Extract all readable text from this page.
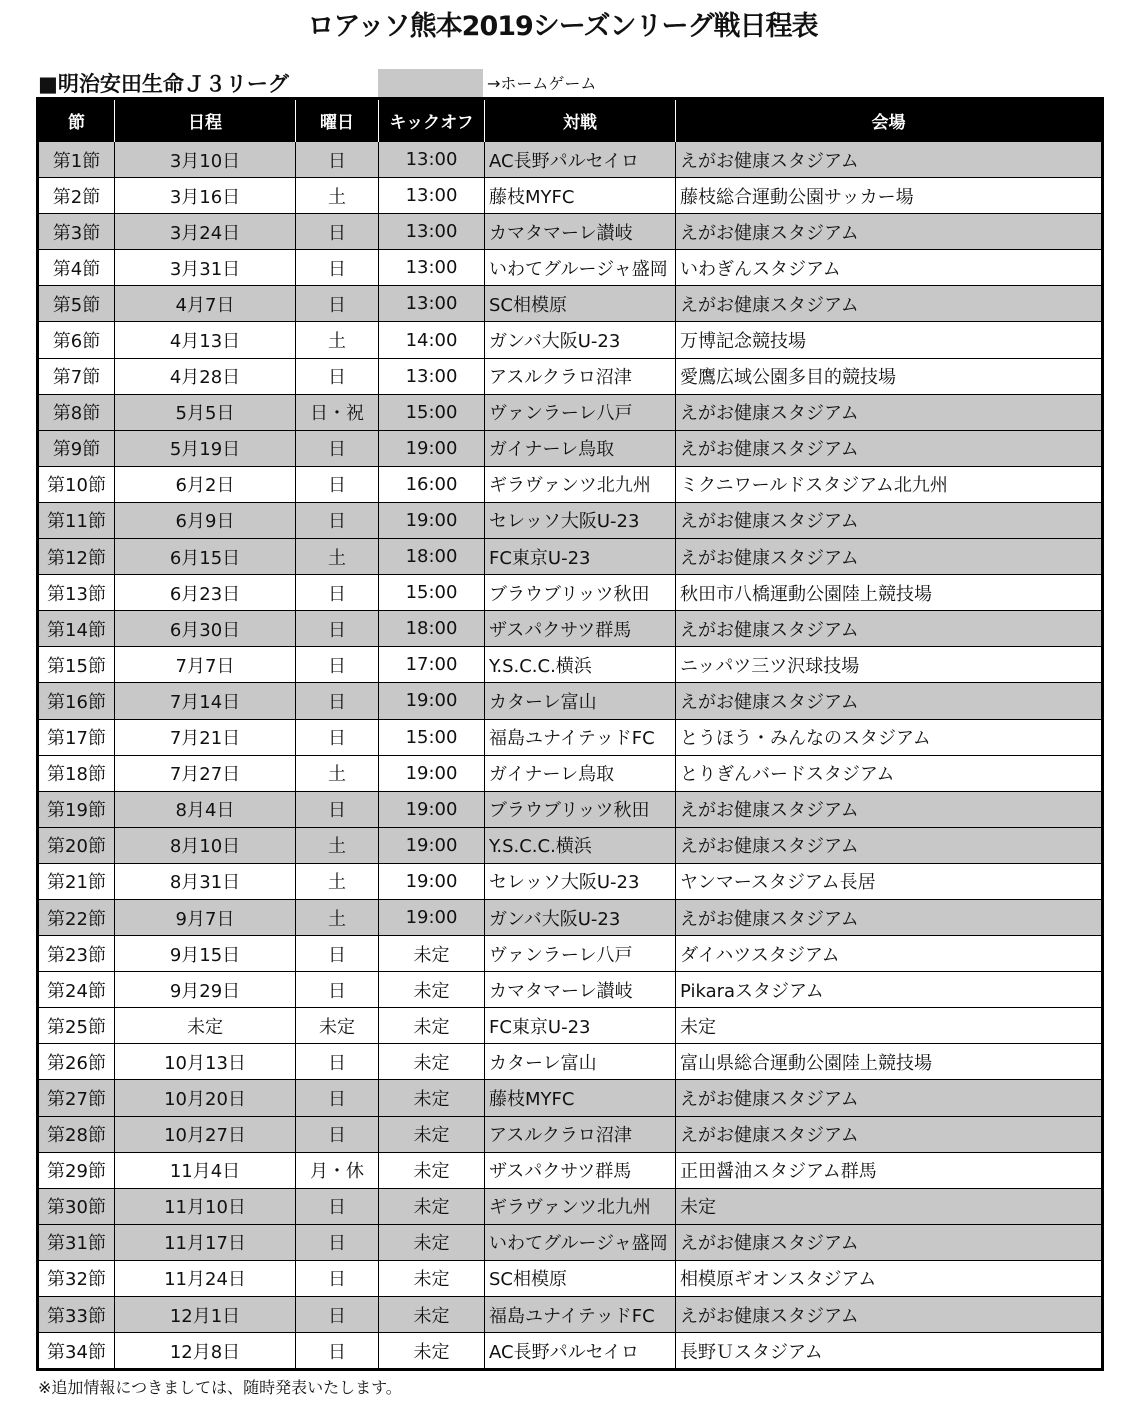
ロアッソ熊本2019シーズンリーグ戦日程表
■明治安田生命Ｊ３リーグ	→ホームゲーム
節	日程	曜日	キックオフ	対戦	会場
第1節	3月10日	日	13:00	AC長野パルセイロ	えがお健康スタジアム
第2節	3月16日	土	13:00	藤枝MYFC	藤枝総合運動公園サッカー場
第3節	3月24日	日	13:00	カマタマーレ讃岐	えがお健康スタジアム
第4節	3月31日	日	13:00	いわてグルージャ盛岡	いわぎんスタジアム
第5節	4月7日	日	13:00	SC相模原	えがお健康スタジアム
第6節	4月13日	土	14:00	ガンバ大阪U-23	万博記念競技場
第7節	4月28日	日	13:00	アスルクラロ沼津	愛鷹広域公園多目的競技場
第8節	5月5日	日・祝	15:00	ヴァンラーレ八戸	えがお健康スタジアム
第9節	5月19日	日	19:00	ガイナーレ鳥取	えがお健康スタジアム
第10節	6月2日	日	16:00	ギラヴァンツ北九州	ミクニワールドスタジアム北九州
第11節	6月9日	日	19:00	セレッソ大阪U-23	えがお健康スタジアム
第12節	6月15日	土	18:00	FC東京U-23	えがお健康スタジアム
第13節	6月23日	日	15:00	ブラウブリッツ秋田	秋田市八橋運動公園陸上競技場
第14節	6月30日	日	18:00	ザスパクサツ群馬	えがお健康スタジアム
第15節	7月7日	日	17:00	Y.S.C.C.横浜	ニッパツ三ツ沢球技場
第16節	7月14日	日	19:00	カターレ富山	えがお健康スタジアム
第17節	7月21日	日	15:00	福島ユナイテッドFC	とうほう・みんなのスタジアム
第18節	7月27日	土	19:00	ガイナーレ鳥取	とりぎんバードスタジアム
第19節	8月4日	日	19:00	ブラウブリッツ秋田	えがお健康スタジアム
第20節	8月10日	土	19:00	Y.S.C.C.横浜	えがお健康スタジアム
第21節	8月31日	土	19:00	セレッソ大阪U-23	ヤンマースタジアム長居
第22節	9月7日	土	19:00	ガンバ大阪U-23	えがお健康スタジアム
第23節	9月15日	日	未定	ヴァンラーレ八戸	ダイハツスタジアム
第24節	9月29日	日	未定	カマタマーレ讃岐	Pikaraスタジアム
第25節	未定	未定	未定	FC東京U-23	未定
第26節	10月13日	日	未定	カターレ富山	富山県総合運動公園陸上競技場
第27節	10月20日	日	未定	藤枝MYFC	えがお健康スタジアム
第28節	10月27日	日	未定	アスルクラロ沼津	えがお健康スタジアム
第29節	11月4日	月・休	未定	ザスパクサツ群馬	正田醤油スタジアム群馬
第30節	11月10日	日	未定	ギラヴァンツ北九州	未定
第31節	11月17日	日	未定	いわてグルージャ盛岡	えがお健康スタジアム
第32節	11月24日	日	未定	SC相模原	相模原ギオンスタジアム
第33節	12月1日	日	未定	福島ユナイテッドFC	えがお健康スタジアム
第34節	12月8日	日	未定	AC長野パルセイロ	長野Ｕスタジアム
※追加情報につきましては、随時発表いたします。
